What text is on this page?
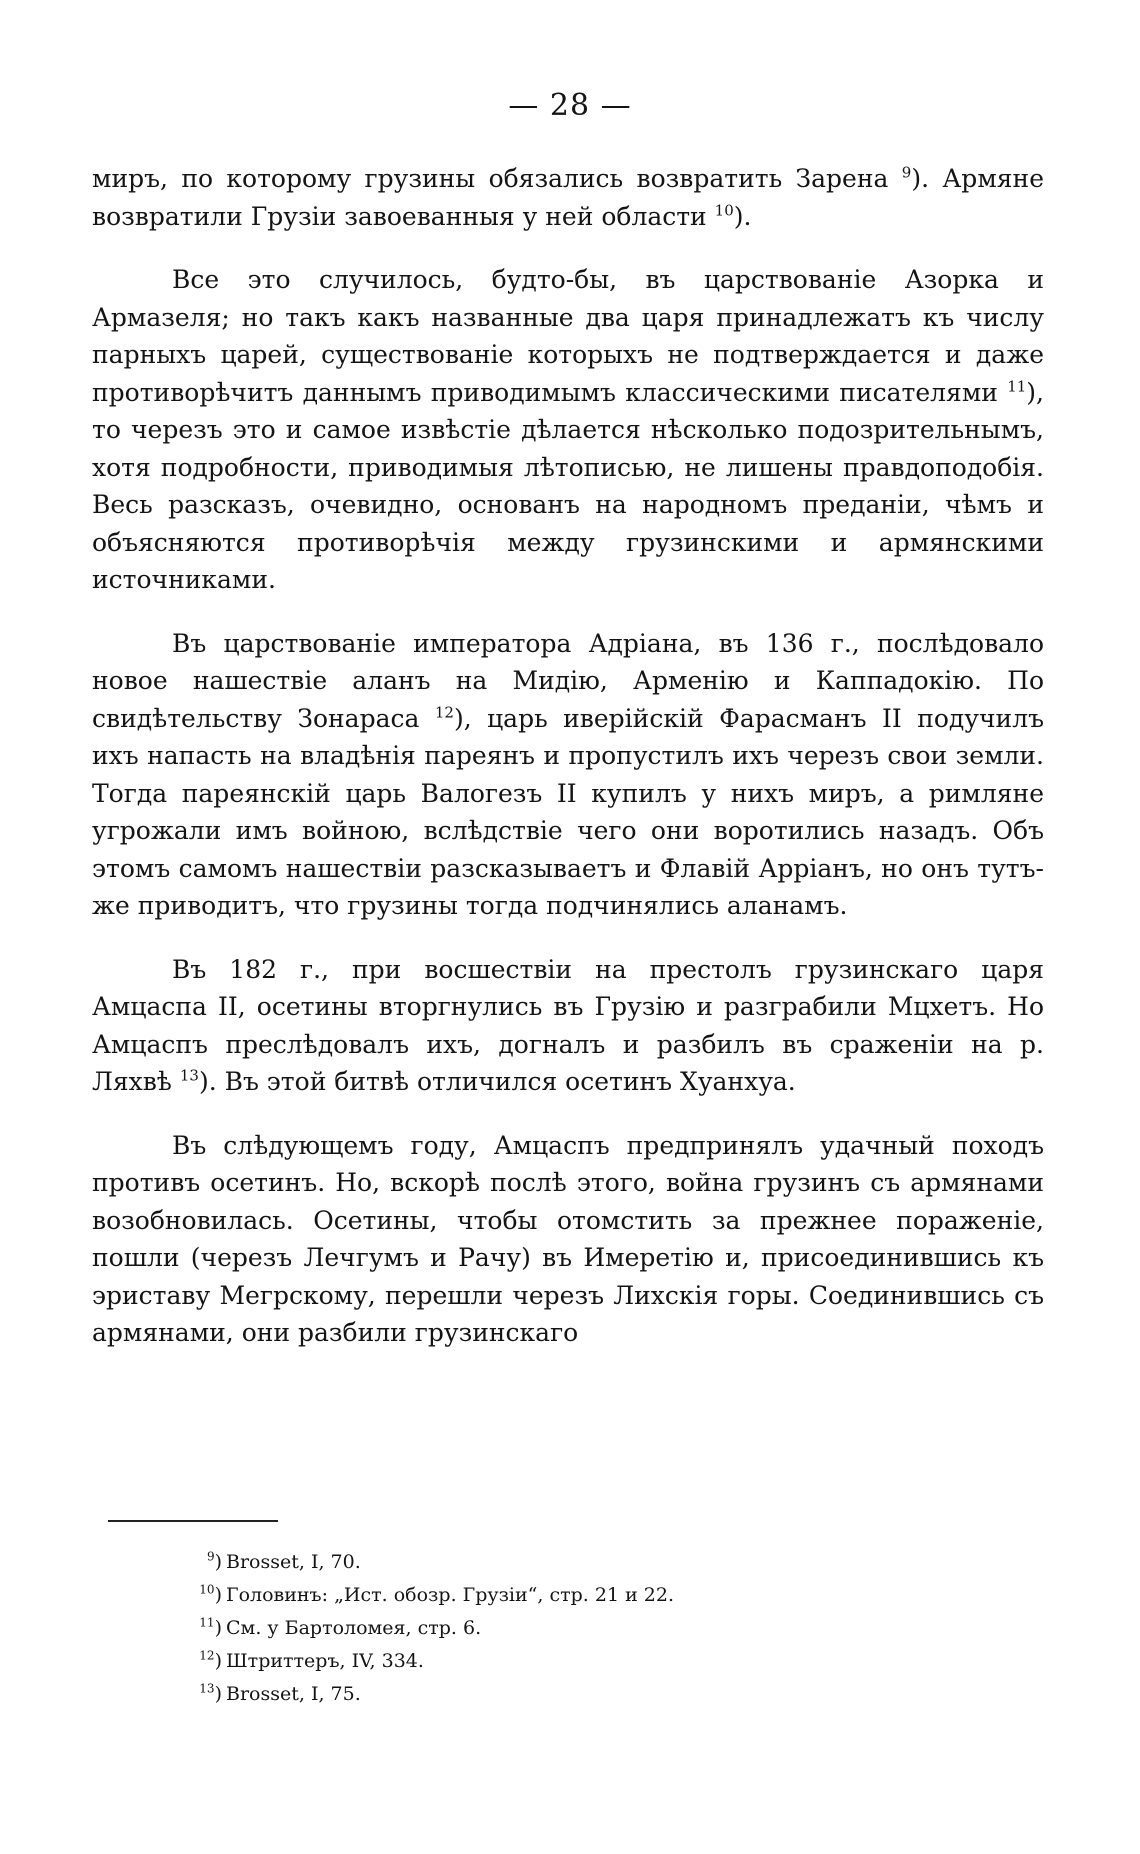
— 28 —

миръ, по которому грузины обязались возвратить Зарена $^9$). Армяне возвратили Грузіи завоеванныя у ней области $^{10}$).

Все это случилось, будто-бы, въ царствованіе Азорка и Армазеля; но такъ какъ названные два царя принадлежатъ къ числу парныхъ царей, существованіе которыхъ не подтверждается и даже противорѣчитъ даннымъ приводимымъ классическими писателями $^{11}$), то черезъ это и самое извѣстіе дѣлается нѣсколько подозрительнымъ, хотя подробности, приводимыя лѣтописью, не лишены правдоподобія. Весь разсказъ, очевидно, основанъ на народномъ преданіи, чѣмъ и объясняются противорѣчія между грузинскими и армянскими источниками.

Въ царствованіе императора Адріана, въ 136 г., послѣдовало новое нашествіе аланъ на Мидію, Арменію и Каппадокію. По свидѣтельству Зонараса $^{12}$), царь иверійскій Фарасманъ II подучилъ ихъ напасть на владѣнія пареянъ и пропустилъ ихъ черезъ свои земли. Тогда пареянскій царь Валогезъ II купилъ у нихъ миръ, а римляне угрожали имъ войною, вслѣдствіе чего они воротились назадъ. Объ этомъ самомъ нашествіи разсказываетъ и Флавій Арріанъ, но онъ тутъ-же приводитъ, что грузины тогда подчинялись аланамъ.

Въ 182 г., при восшествіи на престолъ грузинскаго царя Амцаспа II, осетины вторгнулись въ Грузію и разграбили Мцхетъ. Но Амцаспъ преслѣдовалъ ихъ, догналъ и разбилъ въ сраженіи на р. Ляхвѣ $^{13}$). Въ этой битвѣ отличился осетинъ Хуанхуа.

Въ слѣдующемъ году, Амцаспъ предпринялъ удачный походъ противъ осетинъ. Но, вскорѣ послѣ этого, война грузинъ съ армянами возобновилась. Осетины, чтобы отомстить за прежнее пораженіе, пошли (черезъ Лечгумъ и Рачу) въ Имеретію и, присоединившись къ эриставу Мегрскому, перешли черезъ Лихскія горы. Соединившись съ армянами, они разбили грузинскаго

$^9$) Brosset, I, 70.
$^{10}$) Головинъ: „Ист. обозр. Грузіи“, стр. 21 и 22.
$^{11}$) См. у Бартоломея, стр. 6.
$^{12}$) Штриттеръ, IV, 334.
$^{13}$) Brosset, I, 75.
